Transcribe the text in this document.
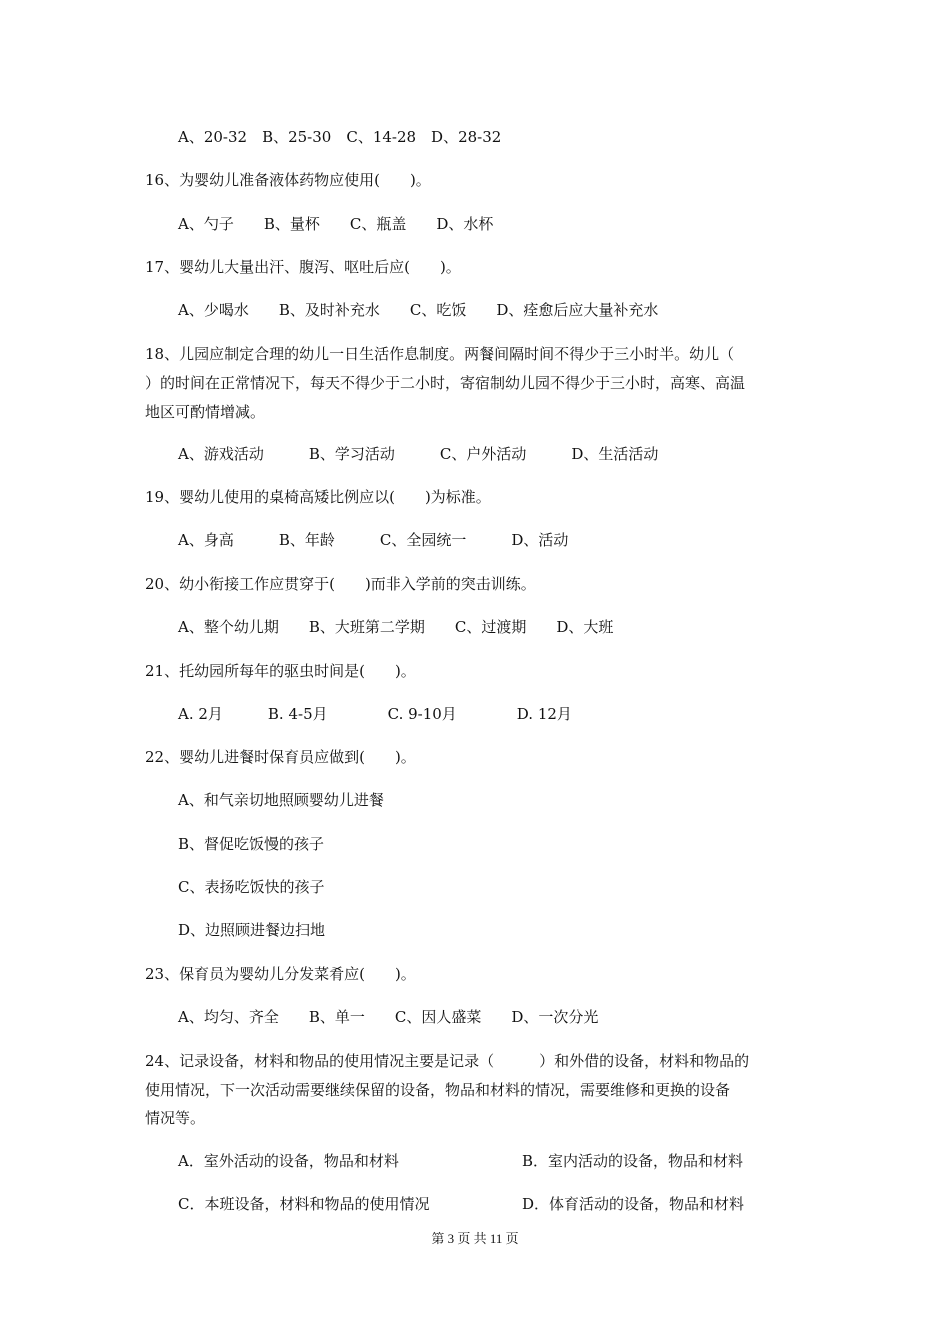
A、20-32　B、25-30　C、14-28　D、28-32
16、为婴幼儿准备液体药物应使用(　　)。
A、勺子　　B、量杯　　C、瓶盖　　D、水杯
17、婴幼儿大量出汗、腹泻、呕吐后应(　　)。
A、少喝水　　B、及时补充水　　C、吃饭　　D、痊愈后应大量补充水
18、儿园应制定合理的幼儿一日生活作息制度。两餐间隔时间不得少于三小时半。幼儿（
）的时间在正常情况下，每天不得少于二小时，寄宿制幼儿园不得少于三小时，高寒、高温
地区可酌情增减。
A、游戏活动　　　B、学习活动　　　C、户外活动　　　D、生活活动
19、婴幼儿使用的桌椅高矮比例应以(　　)为标准。
A、身高　　　B、年龄　　　C、全园统一　　　D、活动
20、幼小衔接工作应贯穿于(　　)而非入学前的突击训练。
A、整个幼儿期　　B、大班第二学期　　C、过渡期　　D、大班
21、托幼园所每年的驱虫时间是(　　)。
A. 2月　　　B. 4-5月　　　　C. 9-10月　　　　D. 12月
22、婴幼儿进餐时保育员应做到(　　)。
A、和气亲切地照顾婴幼儿进餐
B、督促吃饭慢的孩子
C、表扬吃饭快的孩子
D、边照顾进餐边扫地
23、保育员为婴幼儿分发菜肴应(　　)。
A、均匀、齐全　　B、单一　　C、因人盛菜　　D、一次分光
24、记录设备，材料和物品的使用情况主要是记录（　　　）和外借的设备，材料和物品的
使用情况，下一次活动需要继续保留的设备，物品和材料的情况，需要维修和更换的设备
情况等。
A．室外活动的设备，物品和材料	B．室内活动的设备，物品和材料
C．本班设备，材料和物品的使用情况	D．体育活动的设备，物品和材料
第 3 页 共 11 页
